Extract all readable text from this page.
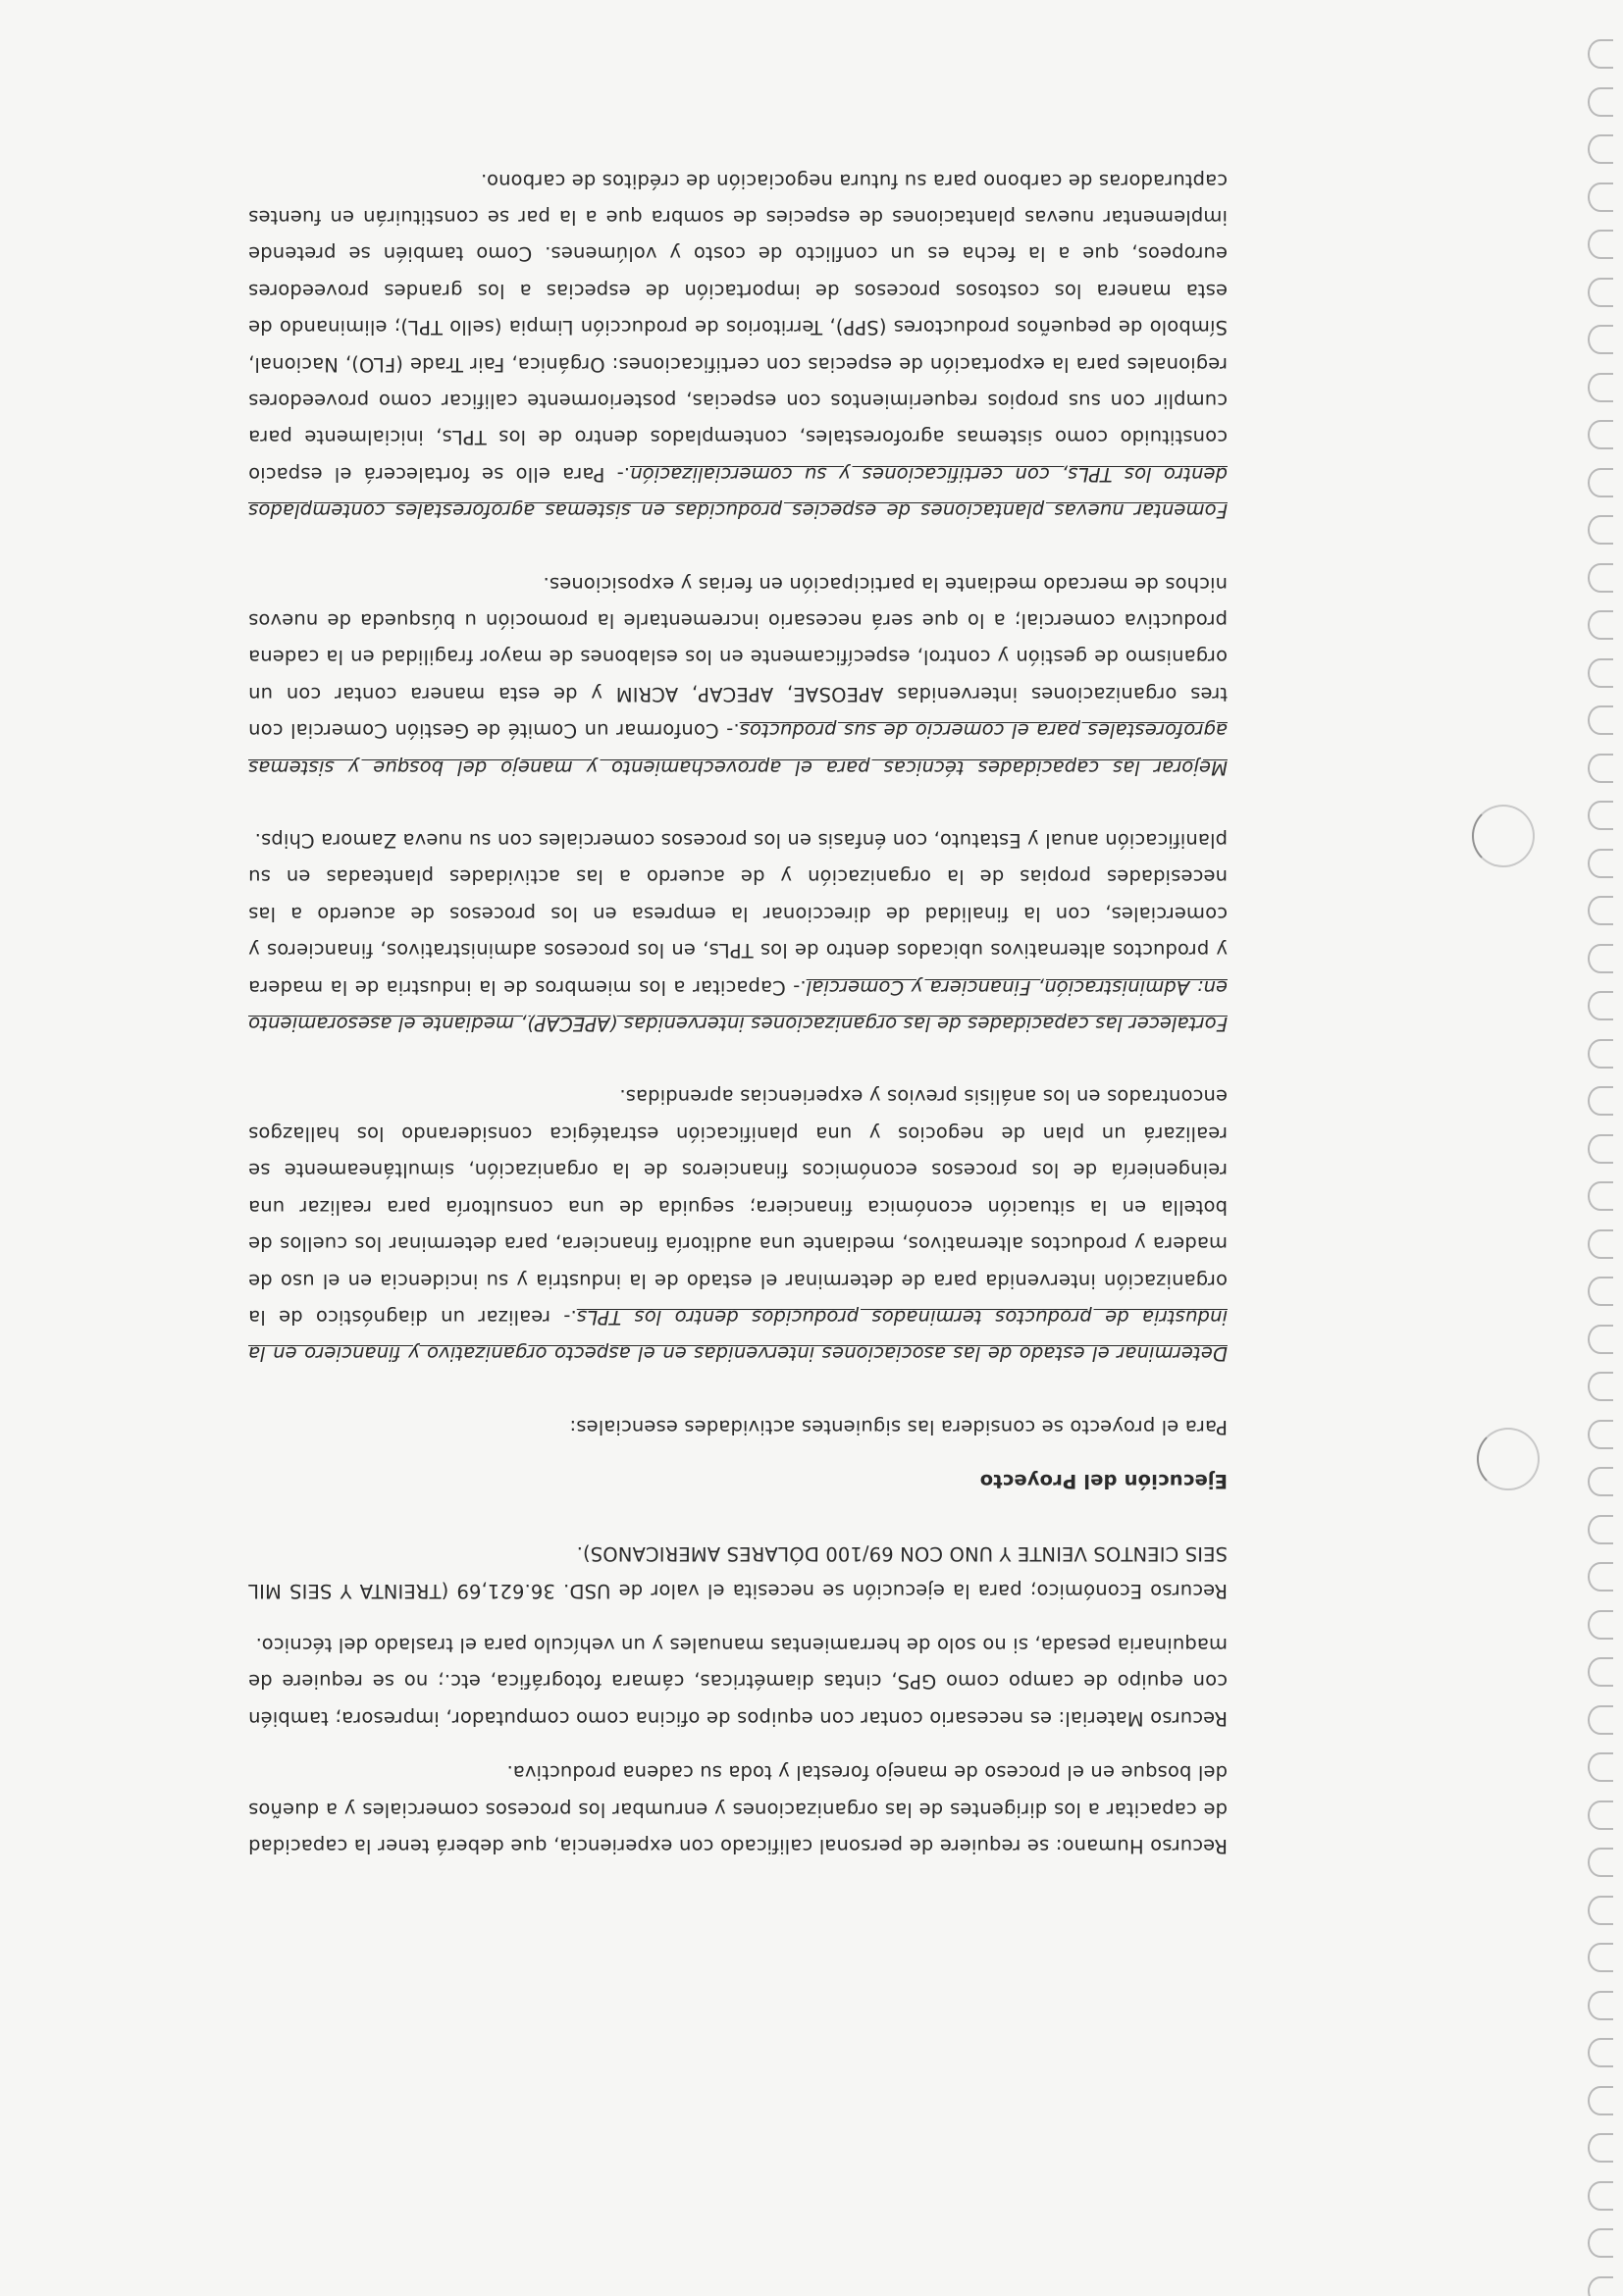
Recurso Humano: se requiere de personal calificado con experiencia, que deberá tener la capacidad de capacitar a los dirigentes de las organizaciones y enrumbar los procesos comerciales y a dueños del bosque en el proceso de manejo forestal y toda su cadena productiva.

Recurso Material: es necesario contar con equipos de oficina como computador, impresora; también con equipo de campo como GPS, cintas diamétricas, cámara fotográfica, etc.; no se requiere de maquinaria pesada, si no solo de herramientas manuales y un vehículo para el traslado del técnico.

Recurso Económico; para la ejecución se necesita el valor de USD. 36.621,69 (TREINTA Y SEIS MIL SEIS CIENTOS VEINTE Y UNO CON 69/100 DÓLARES AMERICANOS).

Ejecución del Proyecto

Para el proyecto se considera las siguientes actividades esenciales:

Determinar el estado de las asociaciones intervenidas en el aspecto organizativo y financiero en la industria de productos terminados producidos dentro los TPLs.- realizar un diagnóstico de la organización intervenida para de determinar el estado de la industria y su incidencia en el uso de madera y productos alternativos, mediante una auditoría financiera, para determinar los cuellos de botella en la situación económica financiera; seguida de una consultoría para realizar una reingeniería de los procesos económicos financieros de la organización, simultáneamente se realizará un plan de negocios y una planificación estratégica considerando los hallazgos encontrados en los análisis previos y experiencias aprendidas.

Fortalecer las capacidades de las organizaciones intervenidas (APECAP), mediante el asesoramiento en: Administración, Financiera y Comercial.- Capacitar a los miembros de la industria de la madera y productos alternativos ubicados dentro de los TPLs, en los procesos administrativos, financieros y comerciales, con la finalidad de direccionar la empresa en los procesos de acuerdo a las necesidades propias de la organización y de acuerdo a las actividades planteadas en su planificación anual y Estatuto, con énfasis en los procesos comerciales con su nueva Zamora Chips.

Mejorar las capacidades técnicas para el aprovechamiento y manejo del bosque y sistemas agroforestales para el comercio de sus productos.- Conformar un Comité de Gestión Comercial con tres organizaciones intervenidas APEOSAE, APECAP, ACRIM y de esta manera contar con un organismo de gestión y control, específicamente en los eslabones de mayor fragilidad en la cadena productiva comercial; a lo que será necesario incrementarle la promoción u búsqueda de nuevos nichos de mercado mediante la participación en ferias y exposiciones.

Fomentar nuevas plantaciones de especies producidas en sistemas agroforestales contemplados dentro los TPLs, con certificaciones y su comercialización.- Para ello se fortalecerá el espacio constituido como sistemas agroforestales, contemplados dentro de los TPLs, inicialmente para cumplir con sus propios requerimientos con especias, posteriormente calificar como proveedores regionales para la exportación de especias con certificaciones: Orgánica, Fair Trade (FLO), Nacional, Símbolo de pequeños productores (SPP), Territorios de producción Limpia (sello TPL); eliminando de esta manera los costosos procesos de importación de especias a los grandes proveedores europeos, que a la fecha es un conflicto de costo y volúmenes. Como también se pretende implementar nuevas plantaciones de especies de sombra que a la par se constituirán en fuentes capturadoras de carbono para su futura negociación de créditos de carbono.
